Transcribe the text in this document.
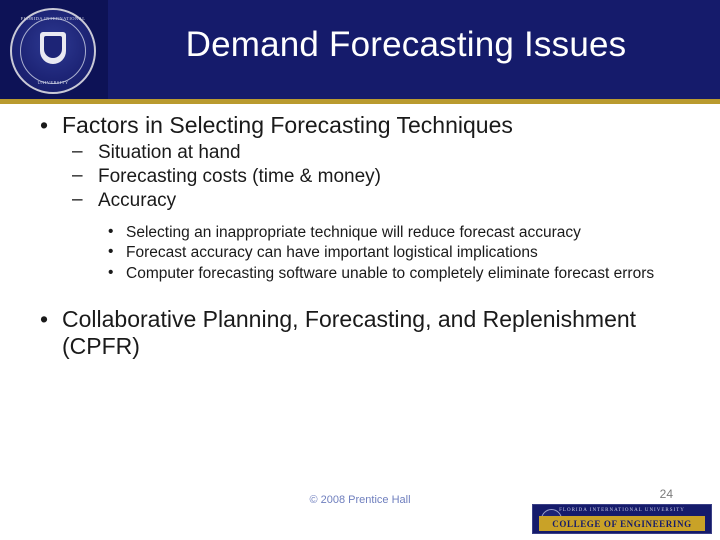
FLORIDA INTERNATIONAL
UNIVERSITY
Demand Forecasting Issues
• Factors in Selecting Forecasting Techniques
– Situation at hand
– Forecasting costs (time & money)
– Accuracy
• Selecting an inappropriate technique will reduce forecast accuracy
• Forecast accuracy can have important logistical implications
• Computer forecasting software unable to completely eliminate forecast errors
• Collaborative Planning, Forecasting, and Replenishment (CPFR)
© 2008 Prentice Hall	24
FLORIDA INTERNATIONAL UNIVERSITY
COLLEGE OF ENGINEERING
